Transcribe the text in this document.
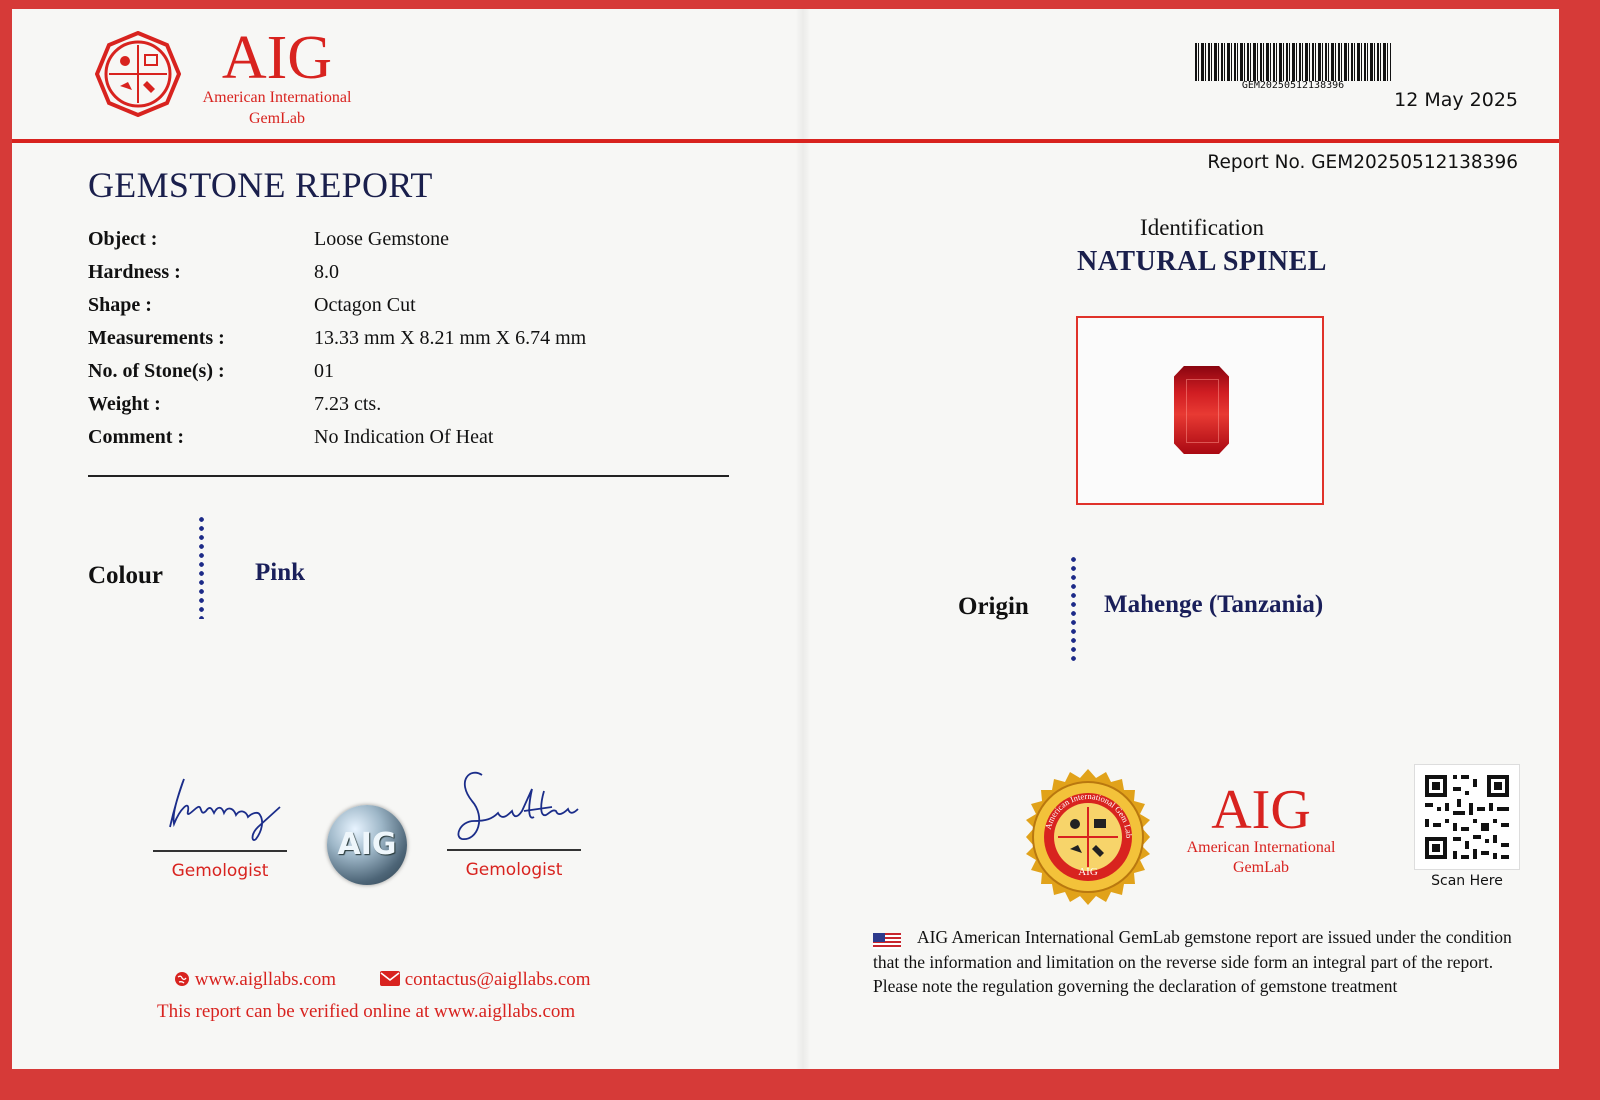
AIG
American International
GemLab
GEM20250512138396
12 May 2025
Report No. GEM20250512138396
GEMSTONE REPORT
Object :	Loose Gemstone
Hardness :	8.0
Shape :	Octagon Cut
Measurements :	13.33 mm X 8.21 mm X 6.74 mm
No. of Stone(s) :	01
Weight :	7.23 cts.
Comment :	No Indication Of Heat
Colour	Pink
Gemologist
AIG
Gemologist
www.aigllabs.com	contactus@aigllabs.com
This report can be verified online at www.aigllabs.com
Identification
NATURAL SPINEL
Origin	Mahenge (Tanzania)
AIG
American International Gem Lab	AIG
American International
GemLab
Scan Here
AIG American International GemLab gemstone report are issued under the condition that the information and limitation on the reverse side form an integral part of the report. Please note the regulation governing the declaration of gemstone treatment
